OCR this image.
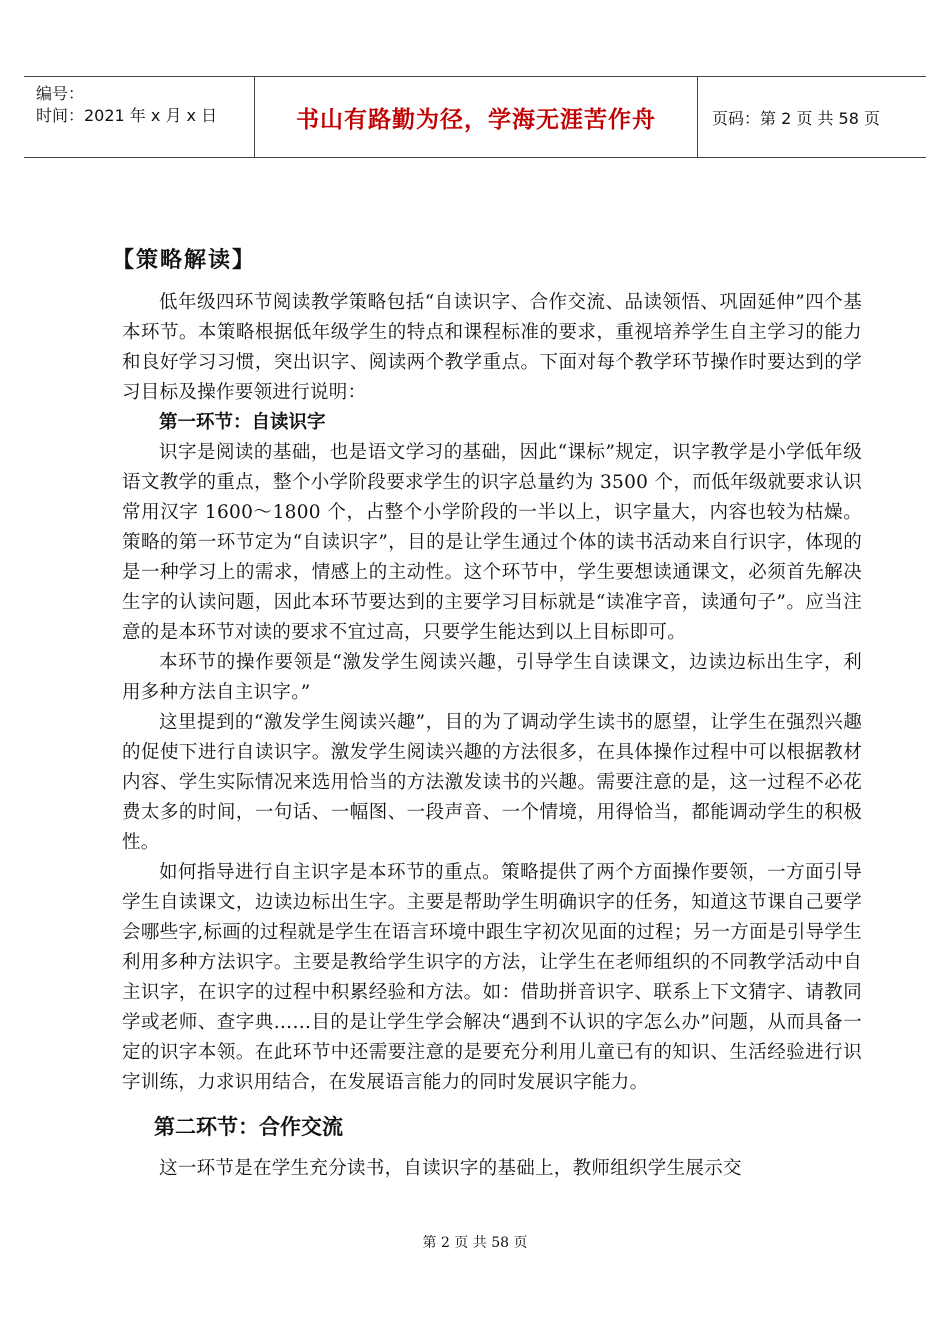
编号：
时间：2021 年 x 月 x 日	书山有路勤为径，学海无涯苦作舟	页码：第 2 页 共 58 页
【策略解读】

低年级四环节阅读教学策略包括“自读识字、合作交流、品读领悟、巩固延伸”四个基本环节。本策略根据低年级学生的特点和课程标准的要求，重视培养学生自主学习的能力和良好学习习惯，突出识字、阅读两个教学重点。下面对每个教学环节操作时要达到的学习目标及操作要领进行说明：

第一环节：自读识字

识字是阅读的基础，也是语文学习的基础，因此“课标”规定，识字教学是小学低年级语文教学的重点，整个小学阶段要求学生的识字总量约为 3500 个，而低年级就要求认识常用汉字 1600～1800 个，占整个小学阶段的一半以上，识字量大，内容也较为枯燥。策略的第一环节定为“自读识字”，目的是让学生通过个体的读书活动来自行识字，体现的是一种学习上的需求，情感上的主动性。这个环节中，学生要想读通课文，必须首先解决生字的认读问题，因此本环节要达到的主要学习目标就是“读准字音，读通句子”。应当注意的是本环节对读的要求不宜过高，只要学生能达到以上目标即可。

本环节的操作要领是“激发学生阅读兴趣，引导学生自读课文，边读边标出生字，利用多种方法自主识字。”

这里提到的“激发学生阅读兴趣”，目的为了调动学生读书的愿望，让学生在强烈兴趣的促使下进行自读识字。激发学生阅读兴趣的方法很多，在具体操作过程中可以根据教材内容、学生实际情况来选用恰当的方法激发读书的兴趣。需要注意的是，这一过程不必花费太多的时间，一句话、一幅图、一段声音、一个情境，用得恰当，都能调动学生的积极性。

如何指导进行自主识字是本环节的重点。策略提供了两个方面操作要领，一方面引导学生自读课文，边读边标出生字。主要是帮助学生明确识字的任务，知道这节课自己要学会哪些字,标画的过程就是学生在语言环境中跟生字初次见面的过程；另一方面是引导学生利用多种方法识字。主要是教给学生识字的方法，让学生在老师组织的不同教学活动中自主识字，在识字的过程中积累经验和方法。如：借助拼音识字、联系上下文猜字、请教同学或老师、查字典……目的是让学生学会解决“遇到不认识的字怎么办”问题，从而具备一定的识字本领。在此环节中还需要注意的是要充分利用儿童已有的知识、生活经验进行识字训练，力求识用结合，在发展语言能力的同时发展识字能力。

第二环节：合作交流

这一环节是在学生充分读书，自读识字的基础上，教师组织学生展示交

第 2 页 共 58 页
